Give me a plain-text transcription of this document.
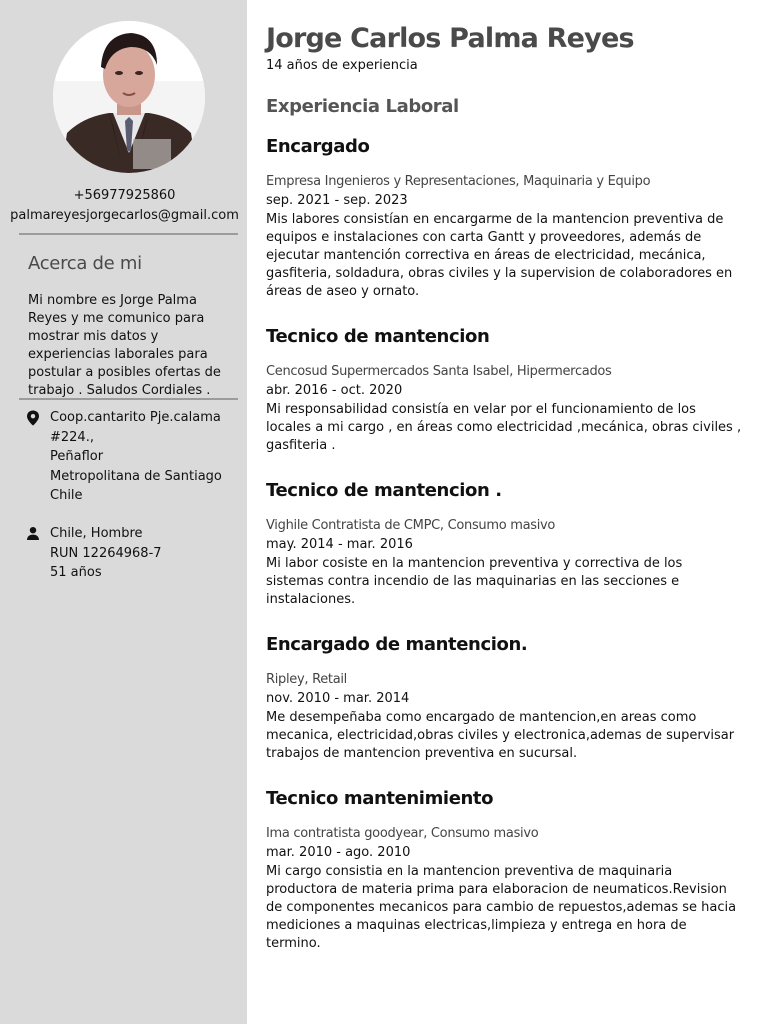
+56977925860
palmareyesjorgecarlos@gmail.com
Acerca de mi
Mi nombre es Jorge Palma Reyes y me comunico para mostrar mis datos y experiencias laborales para postular a posibles ofertas de trabajo . Saludos Cordiales .
Coop.cantarito Pje.calama
#224.,
Peñaflor
Metropolitana de Santiago
Chile
Chile, Hombre
RUN 12264968-7
51 años
Jorge Carlos Palma Reyes
14 años de experiencia
Experiencia Laboral
Encargado
Empresa Ingenieros y Representaciones, Maquinaria y Equipo
sep. 2021 - sep. 2023

Mis labores consistían en encargarme de la mantencion preventiva de equipos e instalaciones con carta Gantt y proveedores, además de ejecutar mantención correctiva en áreas de electricidad, mecánica, gasfiteria, soldadura, obras civiles y la supervision de colaboradores en áreas de aseo y ornato.

Tecnico de mantencion
Cencosud Supermercados Santa Isabel, Hipermercados
abr. 2016 - oct. 2020

Mi responsabilidad consistía en velar por el funcionamiento de los locales a mi cargo , en áreas como electricidad ,mecánica, obras civiles , gasfiteria .

Tecnico de mantencion .
Vighile Contratista de CMPC, Consumo masivo
may. 2014 - mar. 2016

Mi labor cosiste en la mantencion preventiva y correctiva de los sistemas contra incendio de las maquinarias en las secciones e instalaciones.

Encargado de mantencion.
Ripley, Retail
nov. 2010 - mar. 2014

Me desempeñaba como encargado de mantencion,en areas como mecanica, electricidad,obras civiles y electronica,ademas de supervisar trabajos de mantencion preventiva en sucursal.

Tecnico mantenimiento
Ima contratista goodyear, Consumo masivo
mar. 2010 - ago. 2010

Mi cargo consistia en la mantencion preventiva de maquinaria productora de materia prima para elaboracion de neumaticos.Revision de componentes mecanicos para cambio de repuestos,ademas se hacia mediciones a maquinas electricas,limpieza y entrega en hora de termino.
